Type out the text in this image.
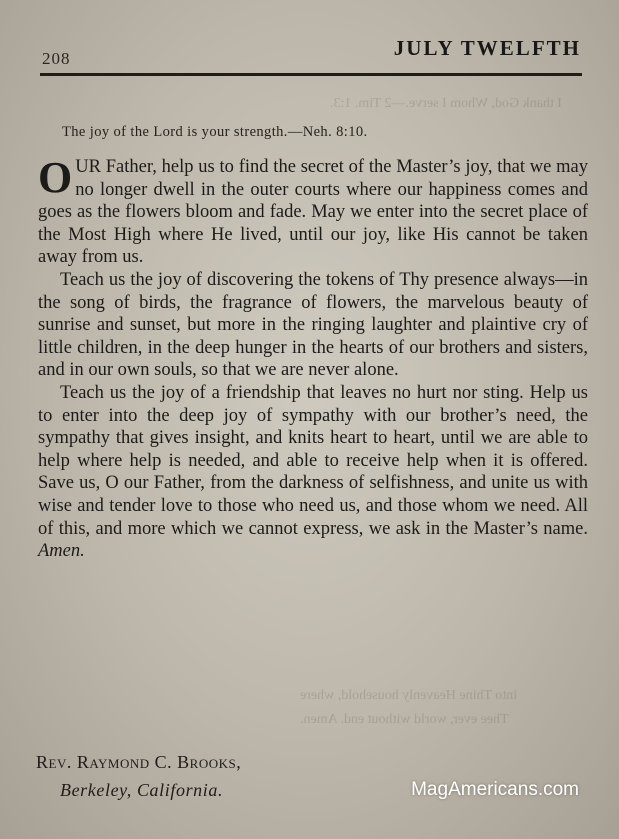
I thank God, Whom I serve.—2 Tim. 1:3.
into Thine Heavenly household, where
Thee ever, world without end. Amen.
208	JULY TWELFTH
The joy of the Lord is your strength.—Neh. 8:10.

OUR Father, help us to find the secret of the Master’s joy, that we may no longer dwell in the outer courts where our happiness comes and goes as the flowers bloom and fade. May we enter into the secret place of the Most High where He lived, until our joy, like His cannot be taken away from us.

Teach us the joy of discovering the tokens of Thy presence always—in the song of birds, the fragrance of flowers, the marvelous beauty of sunrise and sunset, but more in the ringing laughter and plaintive cry of little children, in the deep hunger in the hearts of our brothers and sisters, and in our own souls, so that we are never alone.

Teach us the joy of a friendship that leaves no hurt nor sting. Help us to enter into the deep joy of sympathy with our brother’s need, the sympathy that gives insight, and knits heart to heart, until we are able to help where help is needed, and able to receive help when it is offered. Save us, O our Father, from the darkness of selfishness, and unite us with wise and tender love to those who need us, and those whom we need. All of this, and more which we cannot express, we ask in the Master’s name. Amen.

Rev. Raymond C. Brooks,
Berkeley, California.	MagAmericans.com
